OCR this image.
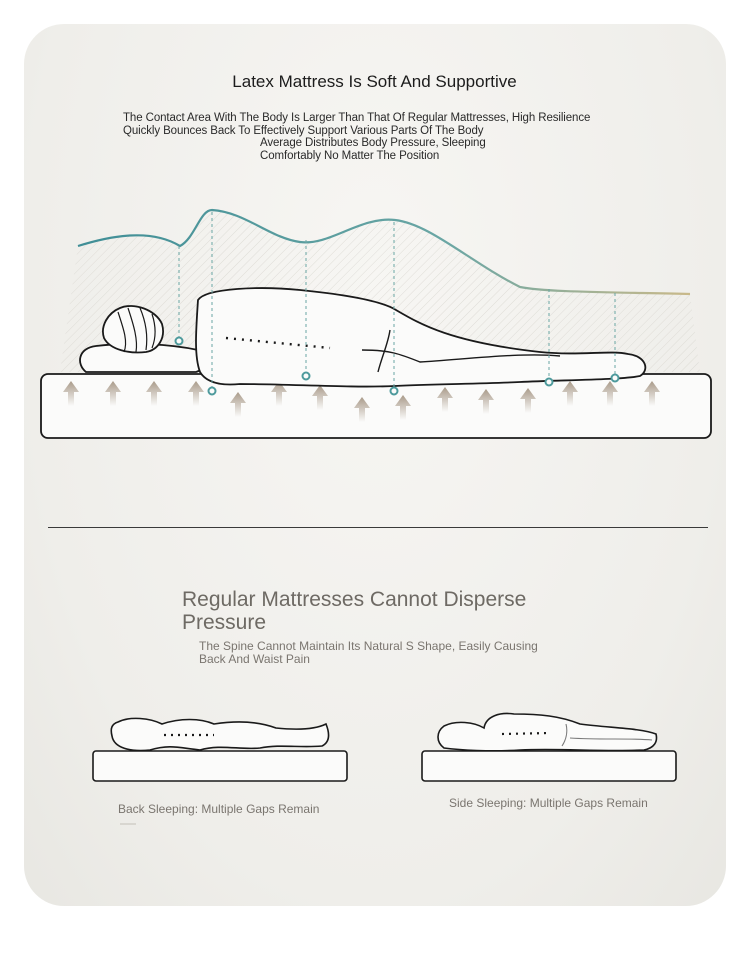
Latex Mattress Is Soft And Supportive
The Contact Area With The Body Is Larger Than That Of Regular Mattresses, High Resilience
Quickly Bounces Back To Effectively Support Various Parts Of The Body
Average Distributes Body Pressure, Sleeping
Comfortably No Matter The Position
Regular Mattresses Cannot Disperse Pressure
The Spine Cannot Maintain Its Natural S Shape, Easily Causing Back And Waist Pain
Back Sleeping: Multiple Gaps Remain	Side Sleeping: Multiple Gaps Remain
